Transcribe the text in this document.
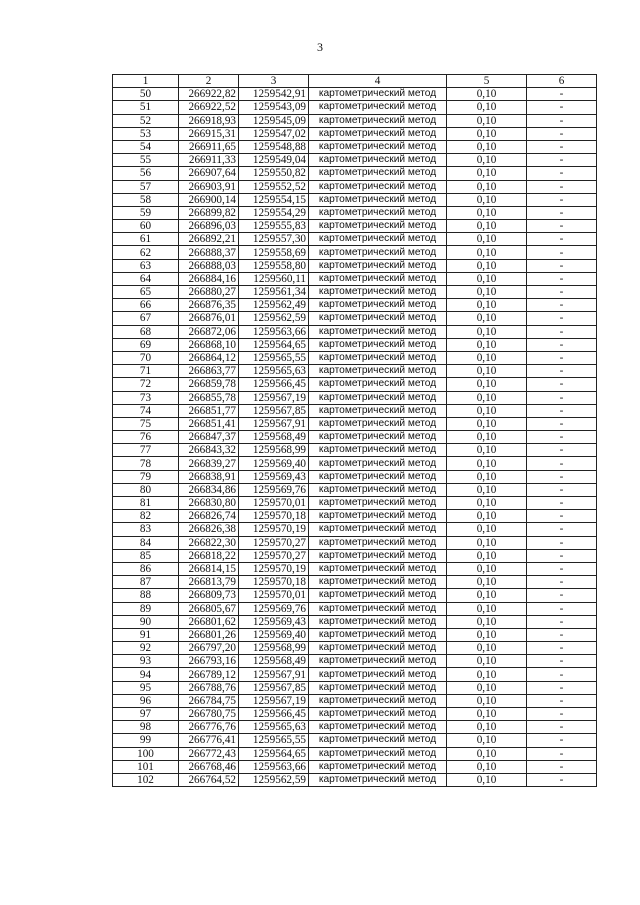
3
1	2	3	4	5	6
50	266922,82	1259542,91	картометрический метод	0,10	-
51	266922,52	1259543,09	картометрический метод	0,10	-
52	266918,93	1259545,09	картометрический метод	0,10	-
53	266915,31	1259547,02	картометрический метод	0,10	-
54	266911,65	1259548,88	картометрический метод	0,10	-
55	266911,33	1259549,04	картометрический метод	0,10	-
56	266907,64	1259550,82	картометрический метод	0,10	-
57	266903,91	1259552,52	картометрический метод	0,10	-
58	266900,14	1259554,15	картометрический метод	0,10	-
59	266899,82	1259554,29	картометрический метод	0,10	-
60	266896,03	1259555,83	картометрический метод	0,10	-
61	266892,21	1259557,30	картометрический метод	0,10	-
62	266888,37	1259558,69	картометрический метод	0,10	-
63	266888,03	1259558,80	картометрический метод	0,10	-
64	266884,16	1259560,11	картометрический метод	0,10	-
65	266880,27	1259561,34	картометрический метод	0,10	-
66	266876,35	1259562,49	картометрический метод	0,10	-
67	266876,01	1259562,59	картометрический метод	0,10	-
68	266872,06	1259563,66	картометрический метод	0,10	-
69	266868,10	1259564,65	картометрический метод	0,10	-
70	266864,12	1259565,55	картометрический метод	0,10	-
71	266863,77	1259565,63	картометрический метод	0,10	-
72	266859,78	1259566,45	картометрический метод	0,10	-
73	266855,78	1259567,19	картометрический метод	0,10	-
74	266851,77	1259567,85	картометрический метод	0,10	-
75	266851,41	1259567,91	картометрический метод	0,10	-
76	266847,37	1259568,49	картометрический метод	0,10	-
77	266843,32	1259568,99	картометрический метод	0,10	-
78	266839,27	1259569,40	картометрический метод	0,10	-
79	266838,91	1259569,43	картометрический метод	0,10	-
80	266834,86	1259569,76	картометрический метод	0,10	-
81	266830,80	1259570,01	картометрический метод	0,10	-
82	266826,74	1259570,18	картометрический метод	0,10	-
83	266826,38	1259570,19	картометрический метод	0,10	-
84	266822,30	1259570,27	картометрический метод	0,10	-
85	266818,22	1259570,27	картометрический метод	0,10	-
86	266814,15	1259570,19	картометрический метод	0,10	-
87	266813,79	1259570,18	картометрический метод	0,10	-
88	266809,73	1259570,01	картометрический метод	0,10	-
89	266805,67	1259569,76	картометрический метод	0,10	-
90	266801,62	1259569,43	картометрический метод	0,10	-
91	266801,26	1259569,40	картометрический метод	0,10	-
92	266797,20	1259568,99	картометрический метод	0,10	-
93	266793,16	1259568,49	картометрический метод	0,10	-
94	266789,12	1259567,91	картометрический метод	0,10	-
95	266788,76	1259567,85	картометрический метод	0,10	-
96	266784,75	1259567,19	картометрический метод	0,10	-
97	266780,75	1259566,45	картометрический метод	0,10	-
98	266776,76	1259565,63	картометрический метод	0,10	-
99	266776,41	1259565,55	картометрический метод	0,10	-
100	266772,43	1259564,65	картометрический метод	0,10	-
101	266768,46	1259563,66	картометрический метод	0,10	-
102	266764,52	1259562,59	картометрический метод	0,10	-
